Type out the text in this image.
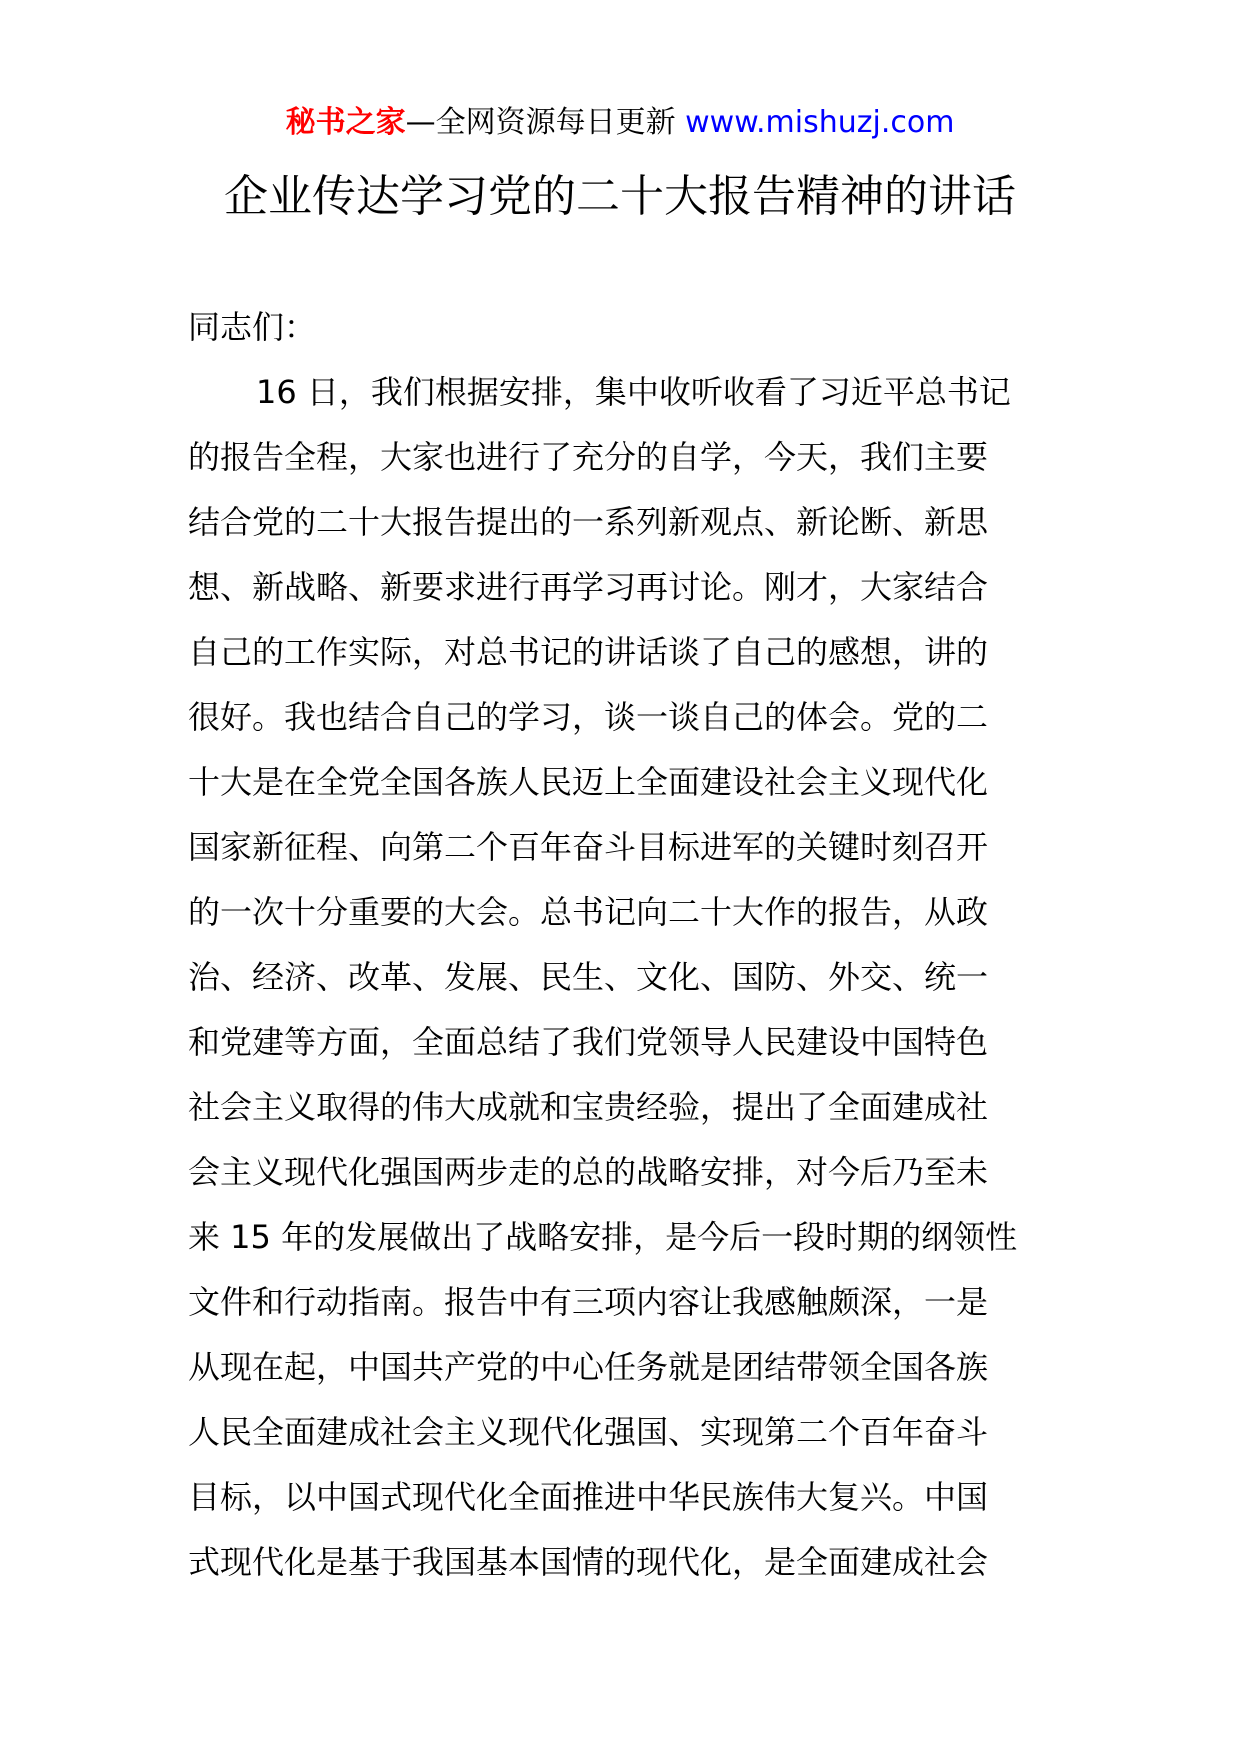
秘书之家—全网资源每日更新 www.mishuzj.com
企业传达学习党的二十大报告精神的讲话

同志们：

16 日，我们根据安排，集中收听收看了习近平总书记

的报告全程，大家也进行了充分的自学，今天，我们主要

结合党的二十大报告提出的一系列新观点、新论断、新思

想、新战略、新要求进行再学习再讨论。刚才，大家结合

自己的工作实际，对总书记的讲话谈了自己的感想，讲的

很好。我也结合自己的学习，谈一谈自己的体会。党的二

十大是在全党全国各族人民迈上全面建设社会主义现代化

国家新征程、向第二个百年奋斗目标进军的关键时刻召开

的一次十分重要的大会。总书记向二十大作的报告，从政

治、经济、改革、发展、民生、文化、国防、外交、统一

和党建等方面，全面总结了我们党领导人民建设中国特色

社会主义取得的伟大成就和宝贵经验，提出了全面建成社

会主义现代化强国两步走的总的战略安排，对今后乃至未

来 15 年的发展做出了战略安排，是今后一段时期的纲领性

文件和行动指南。报告中有三项内容让我感触颇深，一是

从现在起，中国共产党的中心任务就是团结带领全国各族

人民全面建成社会主义现代化强国、实现第二个百年奋斗

目标，以中国式现代化全面推进中华民族伟大复兴。中国

式现代化是基于我国基本国情的现代化，是全面建成社会
